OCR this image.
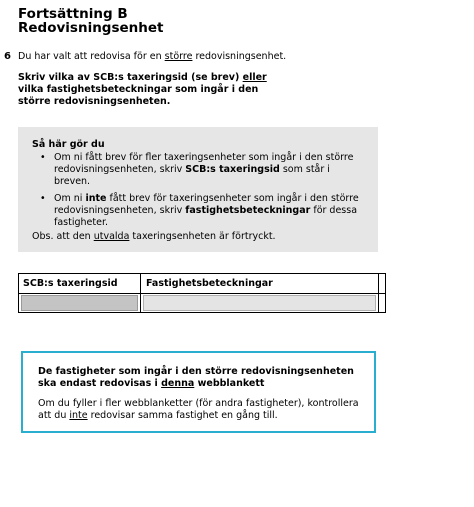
Fortsättning B
Redovisningsenhet
6 Du har valt att redovisa för en större redovisningsenhet.
Skriv vilka av SCB:s taxeringsid (se brev) eller vilka fastighetsbeteckningar som ingår i den större redovisningsenheten.
Så här gör du
• Om ni fått brev för fler taxeringsenheter som ingår i den större redovisningsenheten, skriv SCB:s taxeringsid som står i breven.
• Om ni inte fått brev för taxeringsenheter som ingår i den större redovisningsenheten, skriv fastighetsbeteckningar för dessa fastigheter.
Obs. att den utvalda taxeringsenheten är förtryckt.
SCB:s taxeringsid	Fastighetsbeteckningar
De fastigheter som ingår i den större redovisningsenheten ska endast redovisas i denna webblankett
Om du fyller i fler webblanketter (för andra fastigheter), kontrollera att du inte redovisar samma fastighet en gång till.
